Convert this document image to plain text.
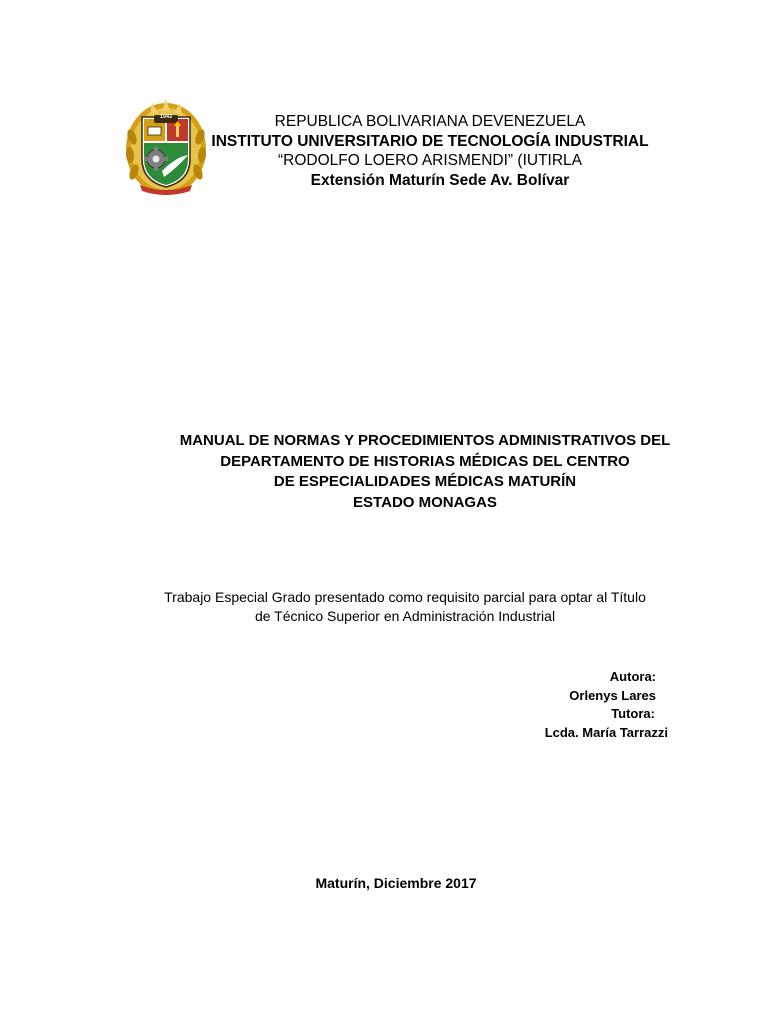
1943	REPUBLICA BOLIVARIANA DEVENEZUELA
INSTITUTO UNIVERSITARIO DE TECNOLOGÍA INDUSTRIAL
“RODOLFO LOERO ARISMENDI” (IUTIRLA
Extensión Maturín Sede Av. Bolívar
MANUAL DE NORMAS Y PROCEDIMIENTOS ADMINISTRATIVOS DEL
DEPARTAMENTO DE HISTORIAS MÉDICAS DEL CENTRO
DE ESPECIALIDADES MÉDICAS MATURÍN
ESTADO MONAGAS
Trabajo Especial Grado presentado como requisito parcial para optar al Título
de Técnico Superior en Administración Industrial
Autora:
Orlenys Lares
Tutora:
Lcda. María Tarrazzi
Maturín, Diciembre 2017
